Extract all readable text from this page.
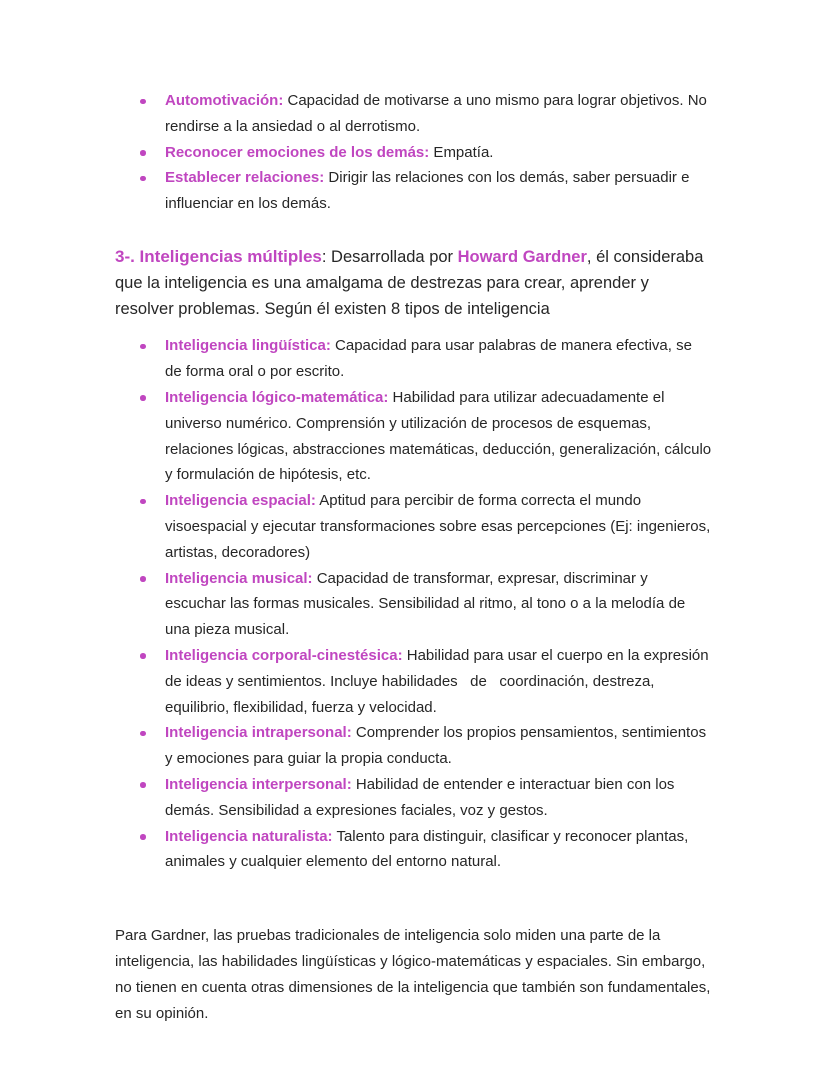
Automotivación: Capacidad de motivarse a uno mismo para lograr objetivos. No rendirse a la ansiedad o al derrotismo.
Reconocer emociones de los demás: Empatía.
Establecer relaciones: Dirigir las relaciones con los demás, saber persuadir e influenciar en los demás.

3-. Inteligencias múltiples: Desarrollada por Howard Gardner, él consideraba que la inteligencia es una amalgama de destrezas para crear, aprender y resolver problemas. Según él existen 8 tipos de inteligencia

Inteligencia lingüística: Capacidad para usar palabras de manera efectiva, se de forma oral o por escrito.
Inteligencia lógico-matemática: Habilidad para utilizar adecuadamente el universo numérico. Comprensión y utilización de procesos de esquemas, relaciones lógicas, abstracciones matemáticas, deducción, generalización, cálculo y formulación de hipótesis, etc.
Inteligencia espacial: Aptitud para percibir de forma correcta el mundo visoespacial y ejecutar transformaciones sobre esas percepciones (Ej: ingenieros, artistas, decoradores)
Inteligencia musical: Capacidad de transformar, expresar, discriminar y escuchar las formas musicales. Sensibilidad al ritmo, al tono o a la melodía de una pieza musical.
Inteligencia corporal-cinestésica: Habilidad para usar el cuerpo en la expresión de ideas y sentimientos. Incluye habilidades   de   coordinación, destreza, equilibrio, flexibilidad, fuerza y velocidad.
Inteligencia intrapersonal: Comprender los propios pensamientos, sentimientos y emociones para guiar la propia conducta.
Inteligencia interpersonal: Habilidad de entender e interactuar bien con los demás. Sensibilidad a expresiones faciales, voz y gestos.
Inteligencia naturalista: Talento para distinguir, clasificar y reconocer plantas, animales y cualquier elemento del entorno natural.

Para Gardner, las pruebas tradicionales de inteligencia solo miden una parte de la inteligencia, las habilidades lingüísticas y lógico-matemáticas y espaciales. Sin embargo, no tienen en cuenta otras dimensiones de la inteligencia que también son fundamentales, en su opinión.
